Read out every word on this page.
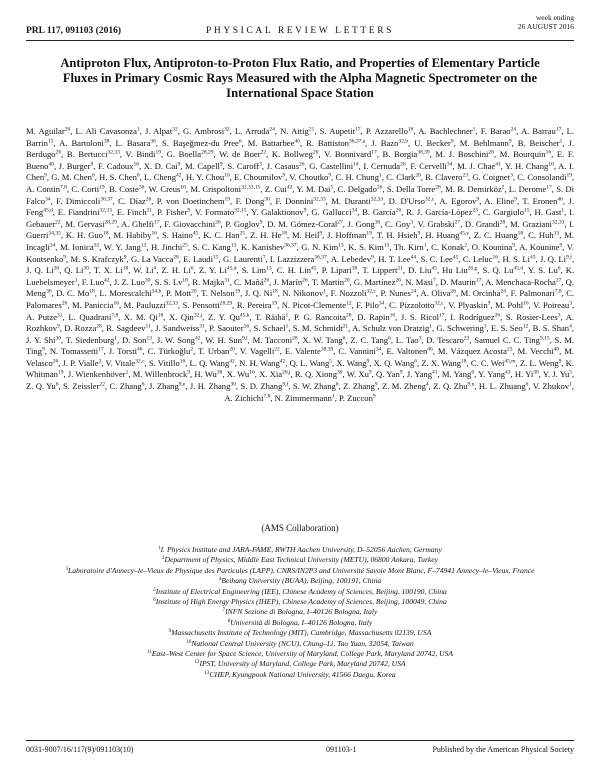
PRL 117, 091103 (2016)	PHYSICAL REVIEW LETTERS
week ending
26 AUGUST 2016
Antiproton Flux, Antiproton-to-Proton Flux Ratio, and Properties of Elementary Particle Fluxes in Primary Cosmic Rays Measured with the Alpha Magnetic Spectrometer on the International Space Station
M. Aguilar$^{26}$, L. Ali Cavasonza$^1$, J. Alpat$^{32}$, G. Ambrosi$^{32}$, L. Arruda$^{24}$, N. Attig$^{21}$, S. Aupetit$^{17}$, P. Azzarello$^{16}$, A. Bachlechner$^1$, F. Barao$^{24}$, A. Barrau$^{17}$, L. Barrin$^{15}$, A. Bartoloni$^{38}$, L. Basara$^{36}$, S. Başeğmez-du Pree$^6$, M. Battarbee$^{46}$, R. Battiston$^{36,37,a}$, J. Bazo$^{32,b}$, U. Becker$^9$, M. Behlmann$^9$, B. Beischer$^1$, J. Berdugo$^{26}$, B. Bertucci$^{32,33}$, V. Bindi$^{19}$, G. Boella$^{28,29}$, W. de Boer$^{22}$, K. Bollweg$^{20}$, V. Bonnivard$^{17}$, B. Borgia$^{38,39}$, M. J. Boschini$^{28}$, M. Bourquin$^{16}$, E. F. Bueno$^{40}$, J. Burger$^9$, F. Cadoux$^{16}$, X. D. Cai$^9$, M. Capell$^9$, S. Caroff$^3$, J. Casaus$^{26}$, G. Castellini$^{14}$, I. Cernuda$^{26}$, F. Cervelli$^{34}$, M. J. Chae$^{41}$, Y. H. Chang$^{10}$, A. I. Chen$^9$, G. M. Chen$^6$, H. S. Chen$^6$, L. Cheng$^{42}$, H. Y. Chou$^{10}$, E. Choumilov$^9$, V. Choutko$^9$, C. H. Chung$^1$, C. Clark$^{20}$, R. Clavero$^{23}$, G. Coignet$^3$, C. Consolandi$^{19}$, A. Contin$^{7,8}$, C. Corti$^{19}$, B. Coste$^{36}$, W. Creus$^{10}$, M. Crispoltoni$^{32,33,15}$, Z. Cui$^{42}$, Y. M. Dai$^5$, C. Delgado$^{26}$, S. Della Torre$^{28}$, M. B. Demirköz$^2$, L. Derome$^{17}$, S. Di Falco$^{34}$, F. Dimiccoli$^{36,37}$, C. Díaz$^{26}$, P. von Doetinchem$^{19}$, F. Dong$^{30}$, F. Donnini$^{32,33}$, M. Duranti$^{32,33}$, D. D'Urso$^{32,c}$, A. Egorov$^9$, A. Eline$^9$, T. Eronen$^{46}$, J. Feng$^{45,d}$, E. Fiandrini$^{32,33}$, E. Finch$^{31}$, P. Fisher$^9$, V. Formato$^{32,15}$, Y. Galaktionov$^9$, G. Gallucci$^{34}$, B. García$^{26}$, R. J. García-López$^{23}$, C. Gargiulo$^{15}$, H. Gast$^1$, I. Gebauer$^{22}$, M. Gervasi$^{28,29}$, A. Ghelfi$^{17}$, F. Giovacchini$^{26}$, P. Goglov$^9$, D. M. Gómez-Coral$^{27}$, J. Gong$^{30}$, C. Goy$^3$, V. Grabski$^{27}$, D. Grandi$^{28}$, M. Graziani$^{32,33}$, I. Guerri$^{34,35}$, K. H. Guo$^{18}$, M. Habiby$^{16}$, S. Haino$^{45}$, K. C. Han$^{25}$, Z. H. He$^{18}$, M. Heil$^9$, J. Hoffman$^{19}$, T. H. Hsieh$^9$, H. Huang$^{45,e}$, Z. C. Huang$^{18}$, C. Huh$^{13}$, M. Incagli$^{34}$, M. Ionica$^{32}$, W. Y. Jang$^{13}$, H. Jinchi$^{25}$, S. C. Kang$^{13}$, K. Kanishev$^{36,37}$, G. N. Kim$^{13}$, K. S. Kim$^{13}$, Th. Kirn$^1$, C. Konak$^2$, O. Kounina$^9$, A. Kounine$^9$, V. Koutsenko$^9$, M. S. Krafczyk$^9$, G. La Vacca$^{28}$, E. Laudi$^{15}$, G. Laurenti$^7$, I. Lazzizzera$^{36,37}$, A. Lebedev$^9$, H. T. Lee$^{44}$, S. C. Lee$^{45}$, C. Leluc$^{16}$, H. S. Li$^{43}$, J. Q. Li$^{9,f}$, J. Q. Li$^{30}$, Q. Li$^{30}$, T. X. Li$^{18}$, W. Li$^4$, Z. H. Li$^6$, Z. Y. Li$^{45,d}$, S. Lim$^{13}$, C. H. Lin$^{45}$, P. Lipari$^{38}$, T. Lippert$^{21}$, D. Liu$^{45}$, Hu Liu$^{26,g}$, S. Q. Lu$^{45,d}$, Y. S. Lu$^6$, K. Luebelsmeyer$^1$, F. Luo$^{42}$, J. Z. Luo$^{30}$, S. S. Lv$^{18}$, R. Majka$^{31}$, C. Mañá$^{26}$, J. Marín$^{26}$, T. Martin$^{20}$, G. Martínez$^{26}$, N. Masi$^7$, D. Maurin$^{17}$, A. Menchaca-Rocha$^{27}$, Q. Meng$^{30}$, D. C. Mo$^{18}$, L. Morescalchi$^{34,h}$, P. Mott$^{20}$, T. Nelson$^{19}$, J. Q. Ni$^{18}$, N. Nikonov$^1$, F. Nozzoli$^{32,c}$, P. Nunes$^{24}$, A. Oliva$^{26}$, M. Orcinha$^{24}$, F. Palmonari$^{7,8}$, C. Palomares$^{26}$, M. Paniccia$^{16}$, M. Pauluzzi$^{32,33}$, S. Pensotti$^{28,29}$, R. Pereira$^{19}$, N. Picot-Clemente$^{12}$, F. Pilo$^{34}$, C. Pizzolotto$^{32,c}$, V. Plyaskin$^9$, M. Pohl$^{16}$, V. Poireau$^3$, A. Putze$^{3,i}$, L. Quadrani$^{7,8}$, X. M. Qi$^{18}$, X. Qin$^{32,j}$, Z. Y. Qu$^{45,k}$, T. Räihä$^1$, P. G. Rancoita$^{28}$, D. Rapin$^{16}$, J. S. Ricol$^{17}$, I. Rodríguez$^{26}$, S. Rosier-Lees$^3$, A. Rozhkov$^9$, D. Rozza$^{28}$, R. Sagdeev$^{11}$, J. Sandweiss$^{31}$, P. Saouter$^{16}$, S. Schael$^1$, S. M. Schmidt$^{21}$, A. Schulz von Dratzig$^1$, G. Schwering$^1$, E. S. Seo$^{12}$, B. S. Shan$^4$, J. Y. Shi$^{30}$, T. Siedenburg$^1$, D. Son$^{13}$, J. W. Song$^{42}$, W. H. Sun$^{9,l}$, M. Tacconi$^{28}$, X. W. Tang$^6$, Z. C. Tang$^6$, L. Tao$^3$, D. Tescaro$^{23}$, Samuel C. C. Ting$^{9,15}$, S. M. Ting$^9$, N. Tomassetti$^{17}$, J. Torsti$^{46}$, C. Türkoğlu$^2$, T. Urban$^{20}$, V. Vagelli$^{22}$, E. Valente$^{38,39}$, C. Vannini$^{34}$, E. Valtonen$^{46}$, M. Vázquez Acosta$^{23}$, M. Vecchi$^{40}$, M. Velasco$^{26}$, J. P. Vialle$^3$, V. Vitale$^{32,c}$, S. Vitillo$^{16}$, L. Q. Wang$^{42}$, N. H. Wang$^{42}$, Q. L. Wang$^5$, X. Wang$^9$, X. Q. Wang$^6$, Z. X. Wang$^{18}$, C. C. Wei$^{45,m}$, Z. L. Weng$^9$, K. Whitman$^{19}$, J. Wienkenhöver$^1$, M. Willenbrock$^9$, H. Wu$^{30}$, X. Wu$^{16}$, X. Xia$^{26,j}$, R. Q. Xiong$^{30}$, W. Xu$^9$, Q. Yan$^9$, J. Yang$^{41}$, M. Yang$^6$, Y. Yang$^{43}$, H. Yi$^{30}$, Y. J. Yu$^5$, Z. Q. Yu$^6$, S. Zeissler$^{22}$, C. Zhang$^6$, J. Zhang$^{9,e}$, J. H. Zhang$^{30}$, S. D. Zhang$^{9,f}$, S. W. Zhang$^6$, Z. Zhang$^9$, Z. M. Zheng$^4$, Z. Q. Zhu$^{9,n}$, H. L. Zhuang$^6$, V. Zhukov$^1$, A. Zichichi$^{7,8}$, N. Zimmermann$^1$, P. Zuccon$^9$
(AMS Collaboration)
$^1$I. Physics Institute and JARA-FAME, RWTH Aachen University, D–52056 Aachen, Germany
$^2$Department of Physics, Middle East Technical University (METU), 06800 Ankara, Turkey
$^3$Laboratoire d'Annecy–le–Vieux de Physique des Particules (LAPP), CNRS/IN2P3 and Université Savoie Mont Blanc, F–74941 Annecy–le–Vieux, France
$^4$Beihang University (BUAA), Beijing, 100191, China
$^5$Institute of Electrical Engineering (IEE), Chinese Academy of Sciences, Beijing, 100190, China
$^6$Institute of High Energy Physics (IHEP), Chinese Academy of Sciences, Beijing, 100049, China
$^7$INFN Sezione di Bologna, I–40126 Bologna, Italy
$^8$Università di Bologna, I–40126 Bologna, Italy
$^9$Massachusetts Institute of Technology (MIT), Cambridge, Massachusetts 02139, USA
$^{10}$National Central University (NCU), Chung–Li, Tao Yuan, 32054, Taiwan
$^{11}$East–West Center for Space Science, University of Maryland, College Park, Maryland 20742, USA
$^{12}$IPST, University of Maryland, College Park, Maryland 20742, USA
$^{13}$CHEP, Kyungpook National University, 41566 Daegu, Korea
0031-9007/16/117(9)/091103(10)	091103-1	Published by the American Physical Society
